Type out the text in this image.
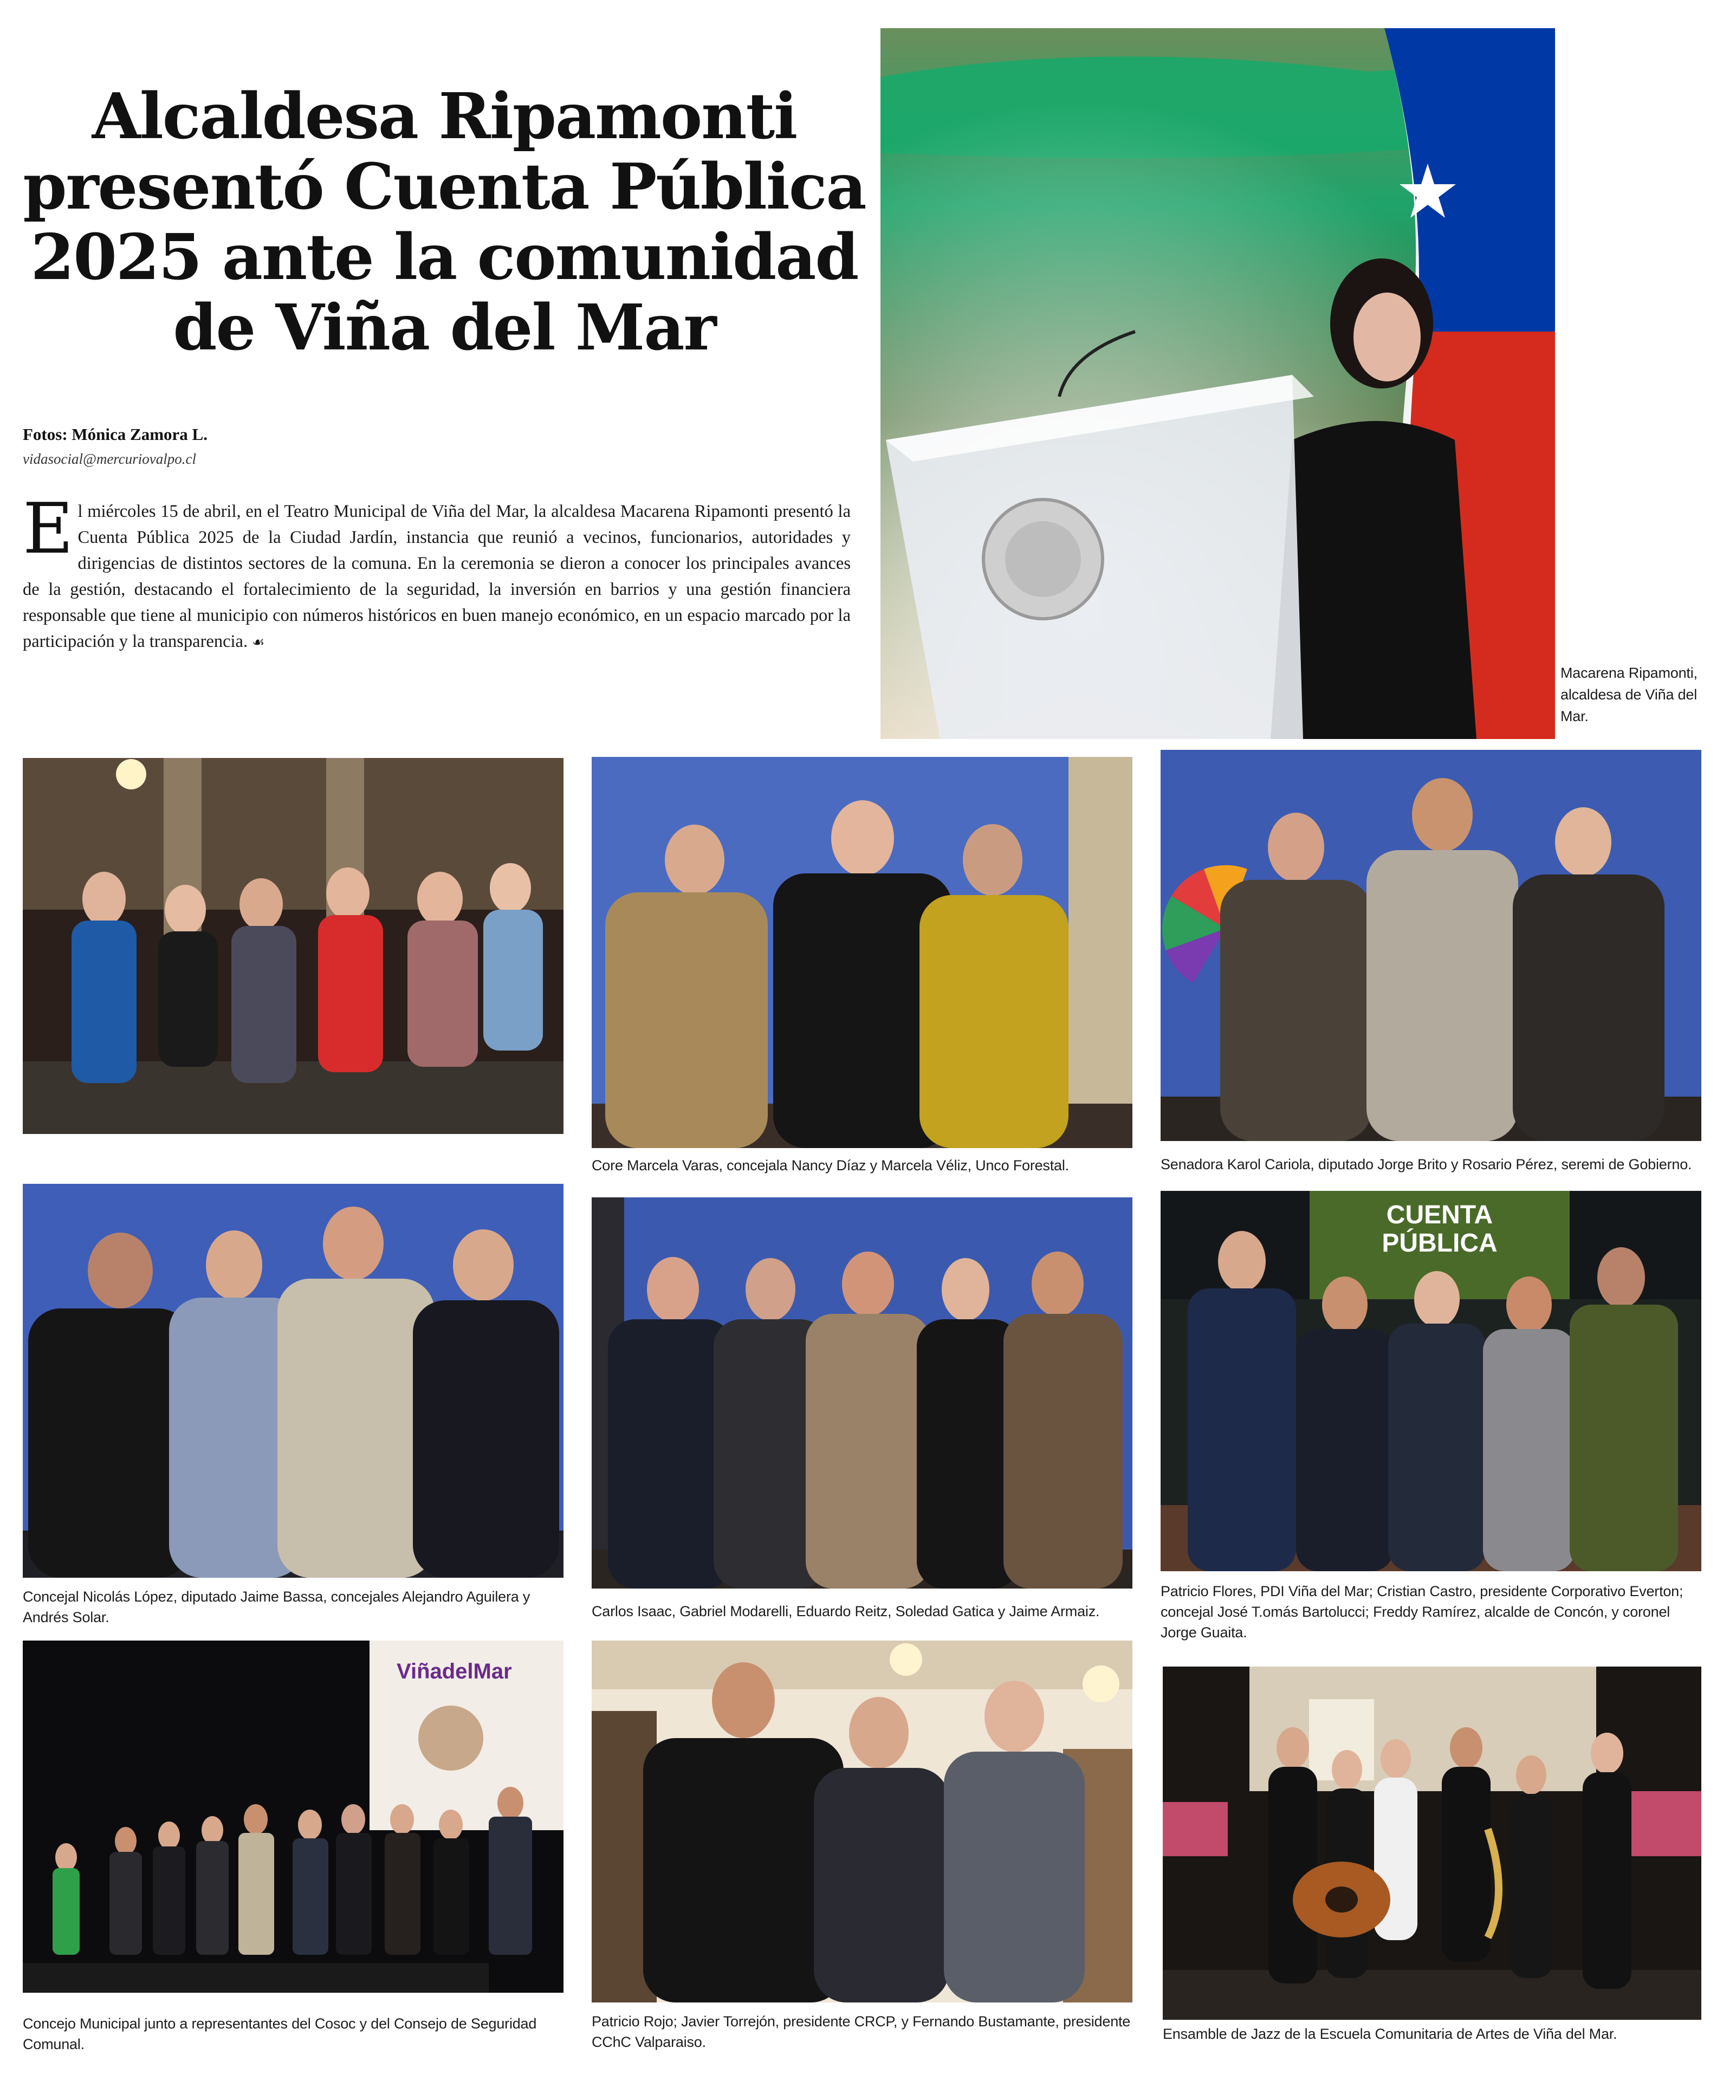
Alcaldesa Ripamonti
presentó Cuenta Pública
2025 ante la comunidad
de Viña del Mar
Fotos: Mónica Zamora L.
vidasocial@mercuriovalpo.cl

El miércoles 15 de abril, en el Teatro Municipal de Viña del Mar, la alcaldesa Macarena Ripamonti presentó la Cuenta Pública 2025 de la Ciudad Jardín, instancia que reunió a vecinos, funcionarios, autoridades y dirigencias de distintos sectores de la comuna. En la ceremonia se dieron a conocer los principales avances de la gestión, destacando el fortalecimiento de la seguridad, la inversión en barrios y una gestión financiera responsable que tiene al municipio con números históricos en buen manejo económico, en un espacio marcado por la participación y la transparencia. ☙

Macarena Ripamonti, alcaldesa de Viña del Mar.

Core Marcela Varas, concejala Nancy Díaz y Marcela Véliz, Unco Forestal.	Senadora Karol Cariola, diputado Jorge Brito y Rosario Pérez, seremi de Gobierno.

Concejal Nicolás López, diputado Jaime Bassa, concejales Alejandro Aguilera y Andrés Solar.	Carlos Isaac, Gabriel Modarelli, Eduardo Reitz, Soledad Gatica y Jaime Armaiz.

CUENTA
PÚBLICA

Patricio Flores, PDI Viña del Mar; Cristian Castro, presidente Corporativo Everton; concejal José T.omás Bartolucci; Freddy Ramírez, alcalde de Concón, y coronel Jorge Guaita.

ViñadelMar

Concejo Municipal junto a representantes del Cosoc y del Consejo de Seguridad Comunal.

Patricio Rojo; Javier Torrejón, presidente CRCP, y Fernando Bustamante, presidente CChC Valparaiso.	Ensamble de Jazz de la Escuela Comunitaria de Artes de Viña del Mar.
